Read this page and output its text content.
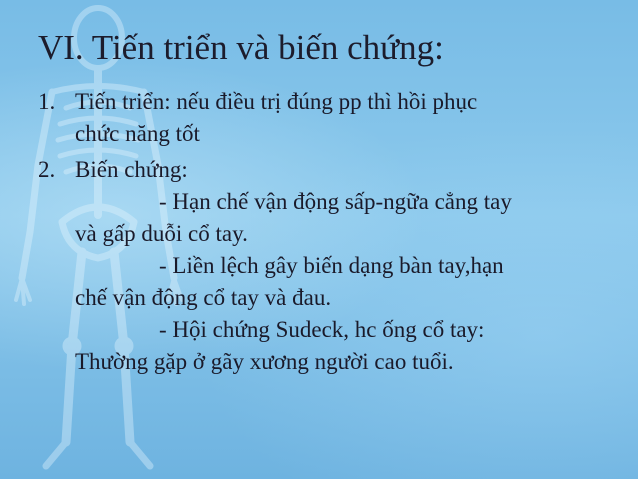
VI. Tiến triển và biến chứng:
1. Tiến triển: nếu điều trị đúng pp thì hồi phục
chức năng tốt
2. Biến chứng:
- Hạn chế vận động sấp-ngữa cẳng tay
và gấp duỗi cổ tay.
- Liền lệch gây biến dạng bàn tay,hạn
chế vận động cổ tay và đau.
- Hội chứng Sudeck, hc ống cổ tay:
Thường gặp ở gãy xương người cao tuổi.
